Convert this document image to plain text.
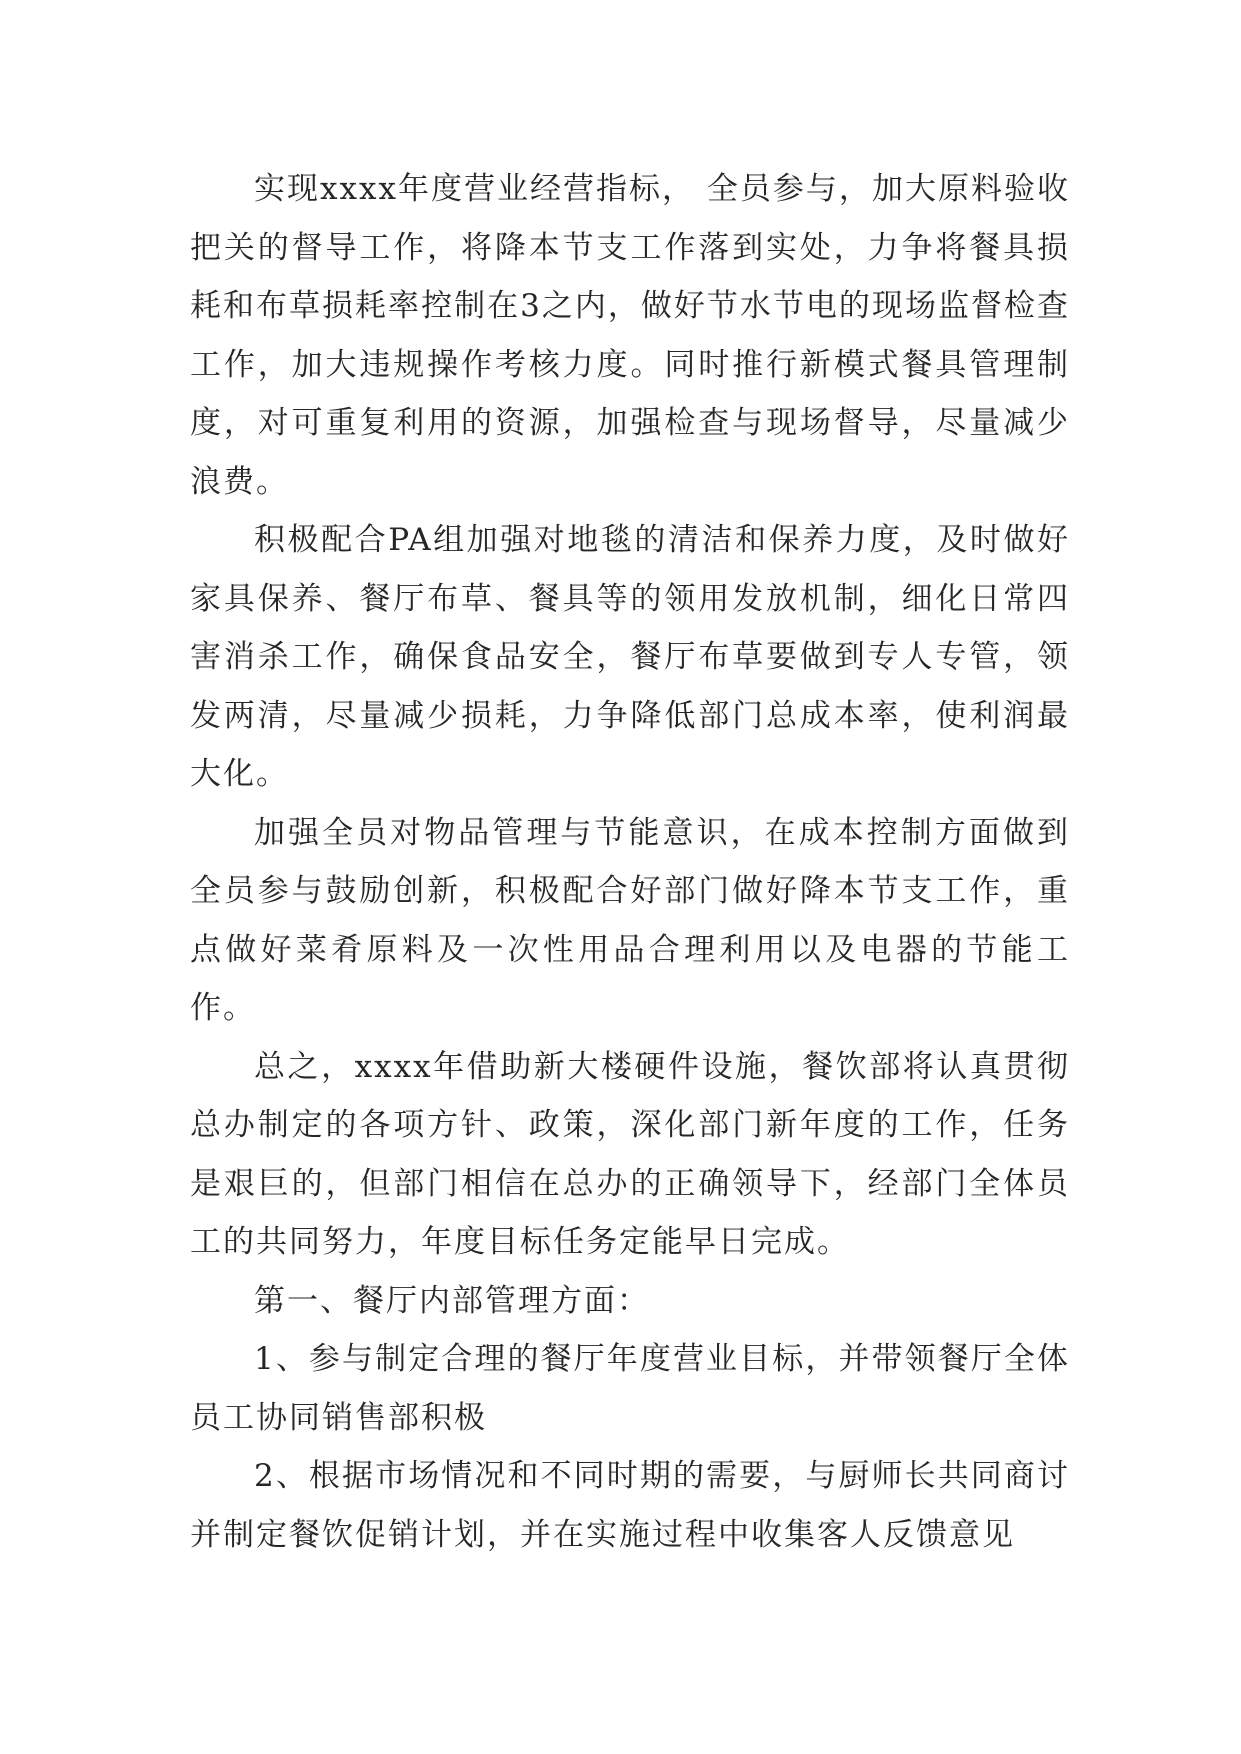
实现xxxx年度营业经营指标， 全员参与，加大原料验收把关的督导工作，将降本节支工作落到实处，力争将餐具损耗和布草损耗率控制在3之内，做好节水节电的现场监督检查工作，加大违规操作考核力度。同时推行新模式餐具管理制度，对可重复利用的资源，加强检查与现场督导，尽量减少浪费。

积极配合PA组加强对地毯的清洁和保养力度，及时做好家具保养、餐厅布草、餐具等的领用发放机制，细化日常四害消杀工作，确保食品安全，餐厅布草要做到专人专管，领发两清，尽量减少损耗，力争降低部门总成本率，使利润最大化。

加强全员对物品管理与节能意识，在成本控制方面做到全员参与鼓励创新，积极配合好部门做好降本节支工作，重点做好菜肴原料及一次性用品合理利用以及电器的节能工作。

总之，xxxx年借助新大楼硬件设施，餐饮部将认真贯彻总办制定的各项方针、政策，深化部门新年度的工作，任务是艰巨的，但部门相信在总办的正确领导下，经部门全体员工的共同努力，年度目标任务定能早日完成。

第一、餐厅内部管理方面：

1、参与制定合理的餐厅年度营业目标，并带领餐厅全体员工协同销售部积极

2、根据市场情况和不同时期的需要，与厨师长共同商讨并制定餐饮促销计划，并在实施过程中收集客人反馈意见
